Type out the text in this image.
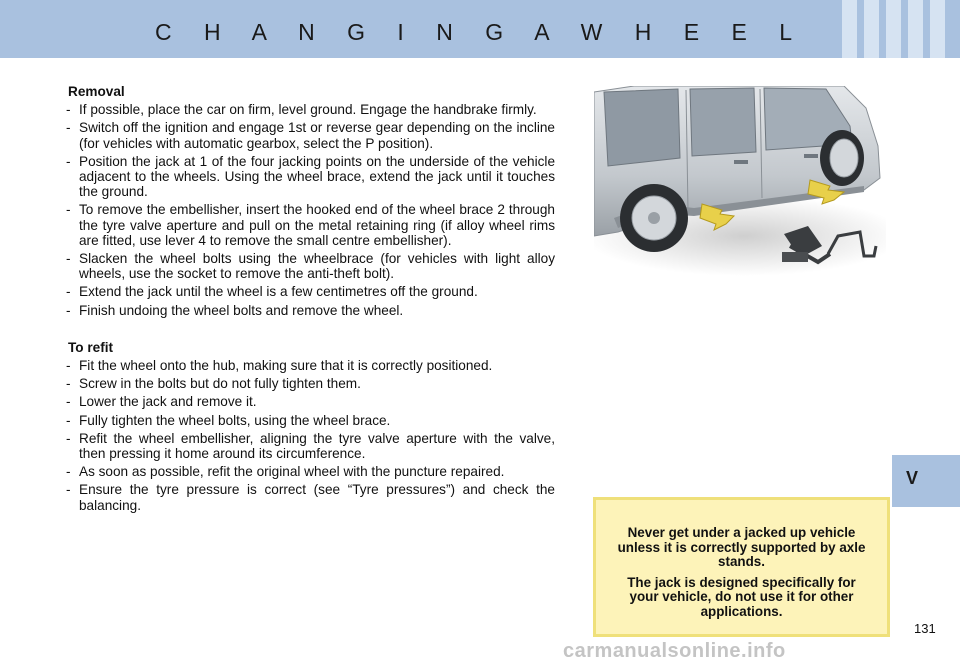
C H A N G I N G A W H E E L
V
Removal
- If possible, place the car on firm, level ground. Engage the handbrake firmly.
- Switch off the ignition and engage 1st or reverse gear depending on the incline (for vehicles with automatic gearbox, select the P position).
- Position the jack at 1 of the four jacking points on the underside of the vehicle adjacent to the wheels. Using the wheel brace, extend the jack until it touches the ground.
- To remove the embellisher, insert the hooked end of the wheel brace 2 through the tyre valve aperture and pull on the metal retaining ring (if alloy wheel rims are fitted, use lever 4 to remove the small centre embellisher).
- Slacken the wheel bolts using the wheelbrace (for vehicles with light alloy wheels, use the socket to remove the anti-theft bolt).
- Extend the jack until the wheel is a few centimetres off the ground.
- Finish undoing the wheel bolts and remove the wheel.
To refit
- Fit the wheel onto the hub, making sure that it is correctly positioned.
- Screw in the bolts but do not fully tighten them.
- Lower the jack and remove it.
- Fully tighten the wheel bolts, using the wheel brace.
- Refit the wheel embellisher, aligning the tyre valve aperture with the valve, then pressing it home around its circumference.
- As soon as possible, refit the original wheel with the puncture repaired.
- Ensure the tyre pressure is correct (see “Tyre pressures”) and check the balancing.

Never get under a jacked up vehicle unless it is correctly supported by axle stands.

The jack is designed specifically for your vehicle, do not use it for other applications.

131
carmanualsonline.info
